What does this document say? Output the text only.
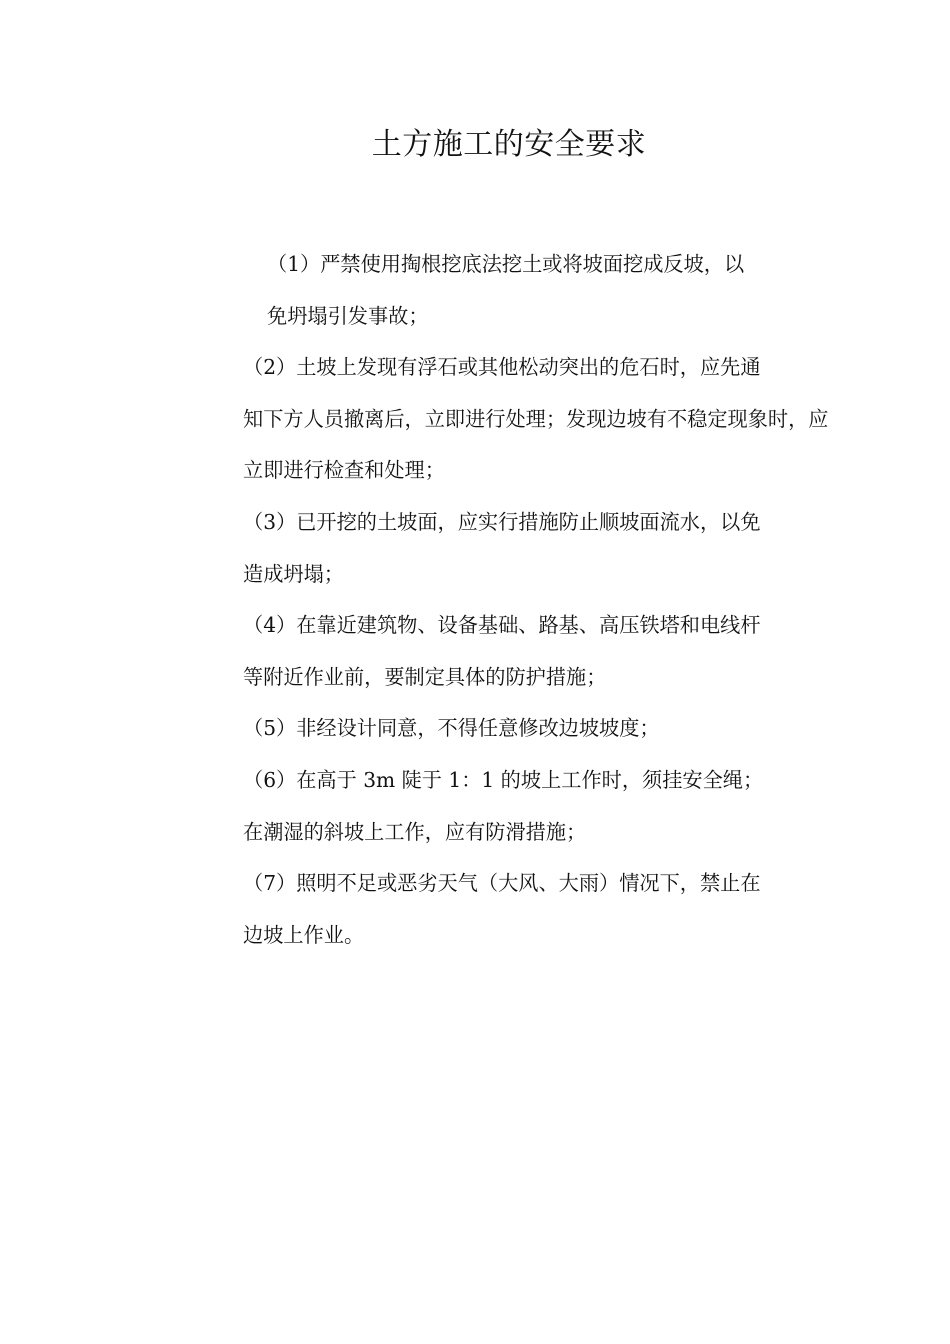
土方施工的安全要求

（1）严禁使用掏根挖底法挖土或将坡面挖成反坡，以
免坍塌引发事故；

（2）土坡上发现有浮石或其他松动突出的危石时，应先通
知下方人员撤离后，立即进行处理；发现边坡有不稳定现象时，应
立即进行检查和处理；

（3）已开挖的土坡面，应实行措施防止顺坡面流水，以免
造成坍塌；

（4）在靠近建筑物、设备基础、路基、高压铁塔和电线杆
等附近作业前，要制定具体的防护措施；

（5）非经设计同意，不得任意修改边坡坡度；

（6）在高于 3m 陡于 1：1 的坡上工作时，须挂安全绳；
在潮湿的斜坡上工作，应有防滑措施；

（7）照明不足或恶劣天气（大风、大雨）情况下，禁止在
边坡上作业。
